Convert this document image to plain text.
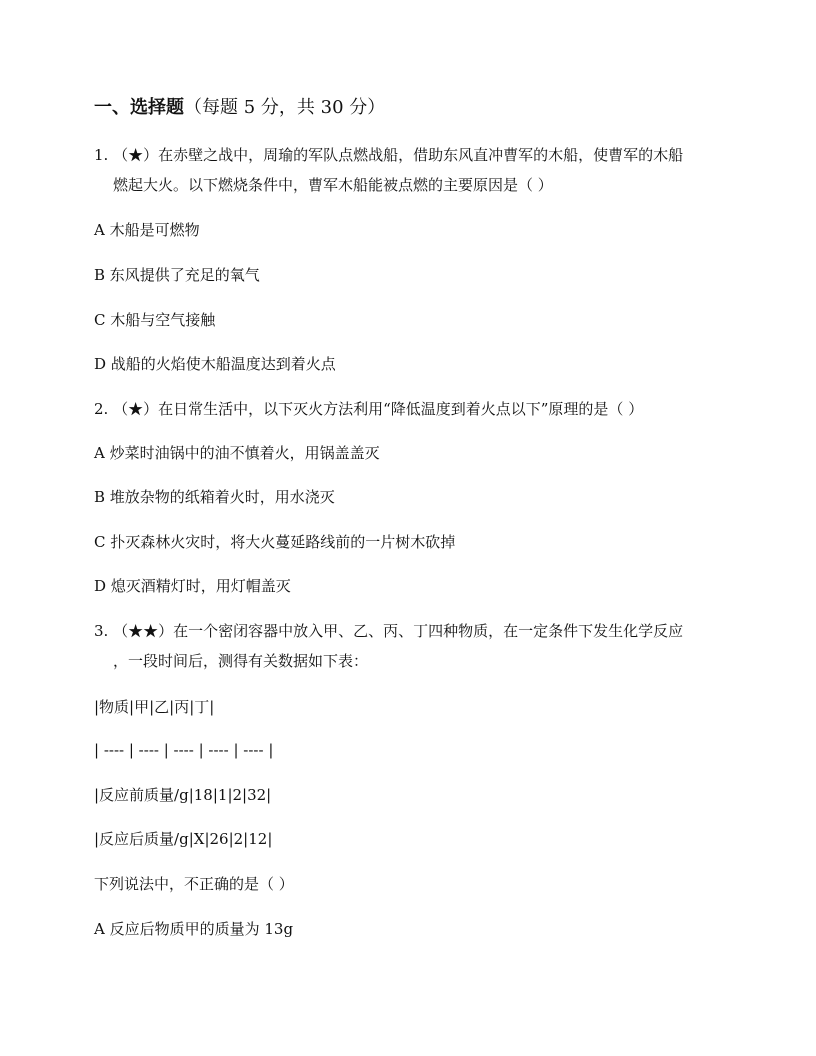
一、选择题（每题 5 分，共 30 分）
1. （★）在赤壁之战中，周瑜的军队点燃战船，借助东风直冲曹军的木船，使曹军的木船
燃起大火。以下燃烧条件中，曹军木船能被点燃的主要原因是（ ）
A 木船是可燃物
B 东风提供了充足的氧气
C 木船与空气接触
D 战船的火焰使木船温度达到着火点
2. （★）在日常生活中，以下灭火方法利用“降低温度到着火点以下”原理的是（ ）
A 炒菜时油锅中的油不慎着火，用锅盖盖灭
B 堆放杂物的纸箱着火时，用水浇灭
C 扑灭森林火灾时，将大火蔓延路线前的一片树木砍掉
D 熄灭酒精灯时，用灯帽盖灭
3. （★★）在一个密闭容器中放入甲、乙、丙、丁四种物质，在一定条件下发生化学反应
，一段时间后，测得有关数据如下表：
|物质|甲|乙|丙|丁|
| ---- | ---- | ---- | ---- | ---- |
|反应前质量/g|18|1|2|32|
|反应后质量/g|X|26|2|12|
下列说法中，不正确的是（ ）
A 反应后物质甲的质量为 13g
